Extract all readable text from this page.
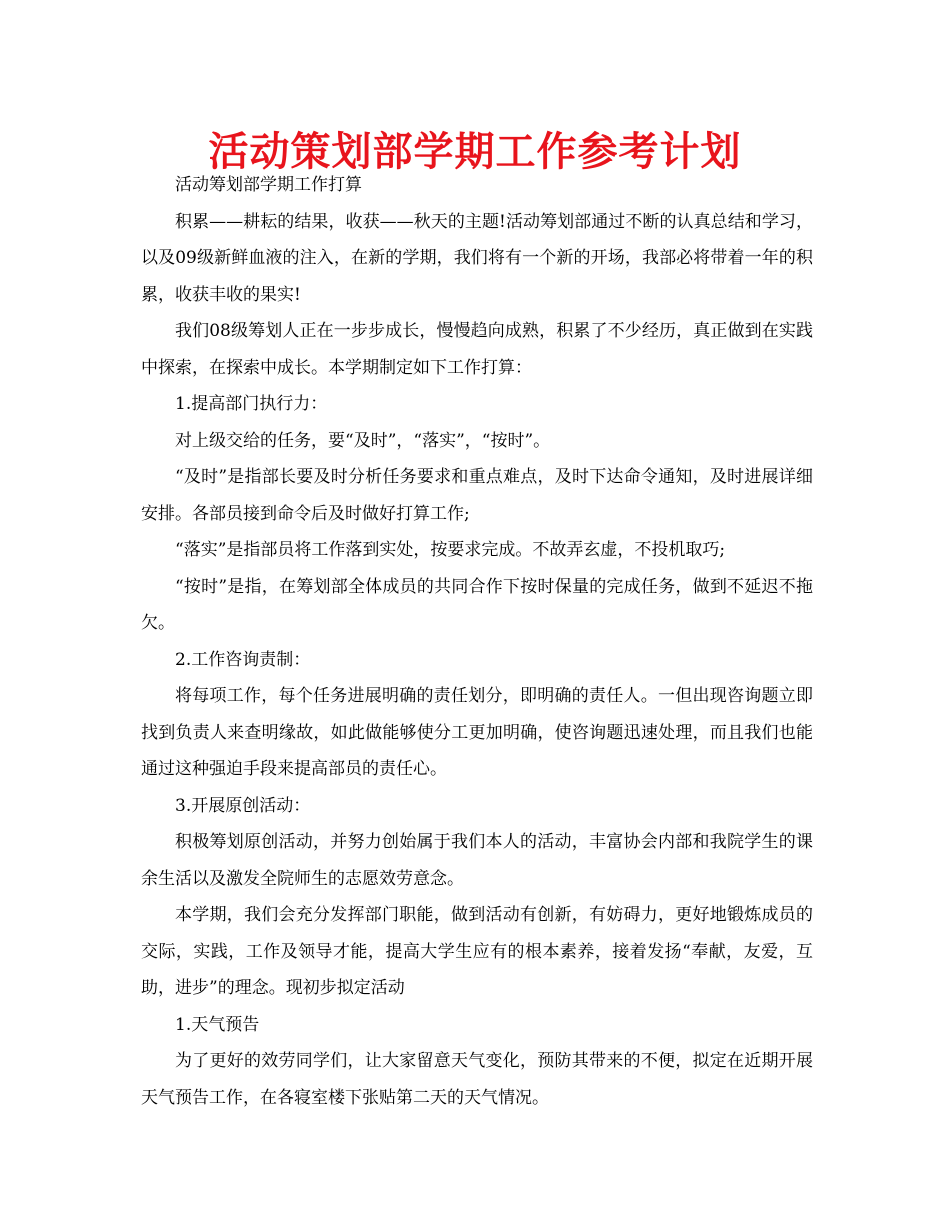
活动策划部学期工作参考计划

活动筹划部学期工作打算

积累——耕耘的结果，收获——秋天的主题!活动筹划部通过不断的认真总结和学习，以及09级新鲜血液的注入，在新的学期，我们将有一个新的开场，我部必将带着一年的积累，收获丰收的果实!

我们08级筹划人正在一步步成长，慢慢趋向成熟，积累了不少经历，真正做到在实践中探索，在探索中成长。本学期制定如下工作打算：

1.提高部门执行力：

对上级交给的任务，要“及时”，“落实”，“按时”。

“及时”是指部长要及时分析任务要求和重点难点，及时下达命令通知，及时进展详细安排。各部员接到命令后及时做好打算工作;

“落实”是指部员将工作落到实处，按要求完成。不故弄玄虚，不投机取巧;

“按时”是指，在筹划部全体成员的共同合作下按时保量的完成任务，做到不延迟不拖欠。

2.工作咨询责制：

将每项工作，每个任务进展明确的责任划分，即明确的责任人。一但出现咨询题立即找到负责人来查明缘故，如此做能够使分工更加明确，使咨询题迅速处理，而且我们也能通过这种强迫手段来提高部员的责任心。

3.开展原创活动：

积极筹划原创活动，并努力创始属于我们本人的活动，丰富协会内部和我院学生的课余生活以及激发全院师生的志愿效劳意念。

本学期，我们会充分发挥部门职能，做到活动有创新，有妨碍力，更好地锻炼成员的交际，实践，工作及领导才能，提高大学生应有的根本素养，接着发扬“奉献，友爱，互助，进步”的理念。现初步拟定活动

1.天气预告

为了更好的效劳同学们，让大家留意天气变化，预防其带来的不便，拟定在近期开展天气预告工作，在各寝室楼下张贴第二天的天气情况。
